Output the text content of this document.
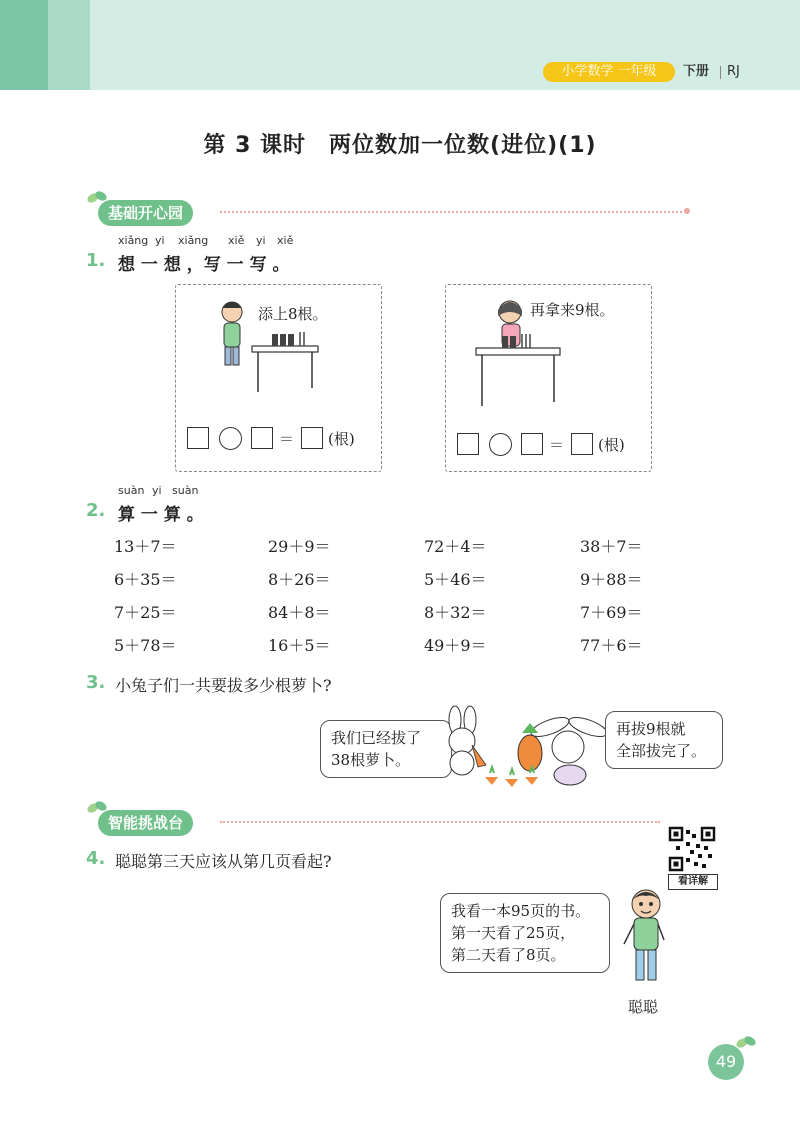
小学数学 一年级	下册 RJ
第 3 课时　两位数加一位数(进位)(1)
基础开心园
xiǎng yi xiǎng xiě yi xiě
1. 想 一 想 ，写 一 写 。
添上8根。
＝ (根)
再拿来9根。
＝ (根)
suàn yi suàn
2. 算 一 算 。
13＋7＝	29＋9＝	72＋4＝	38＋7＝
6＋35＝	8＋26＝	5＋46＝	9＋88＝
7＋25＝	84＋8＝	8＋32＝	7＋69＝
5＋78＝	16＋5＝	49＋9＝	77＋6＝
3. 小兔子们一共要拔多少根萝卜?
我们已经拔了
38根萝卜。
再拔9根就
全部拔完了。
智能挑战台
看详解
4. 聪聪第三天应该从第几页看起?
我看一本95页的书。
第一天看了25页，
第二天看了8页。
聪聪
49
